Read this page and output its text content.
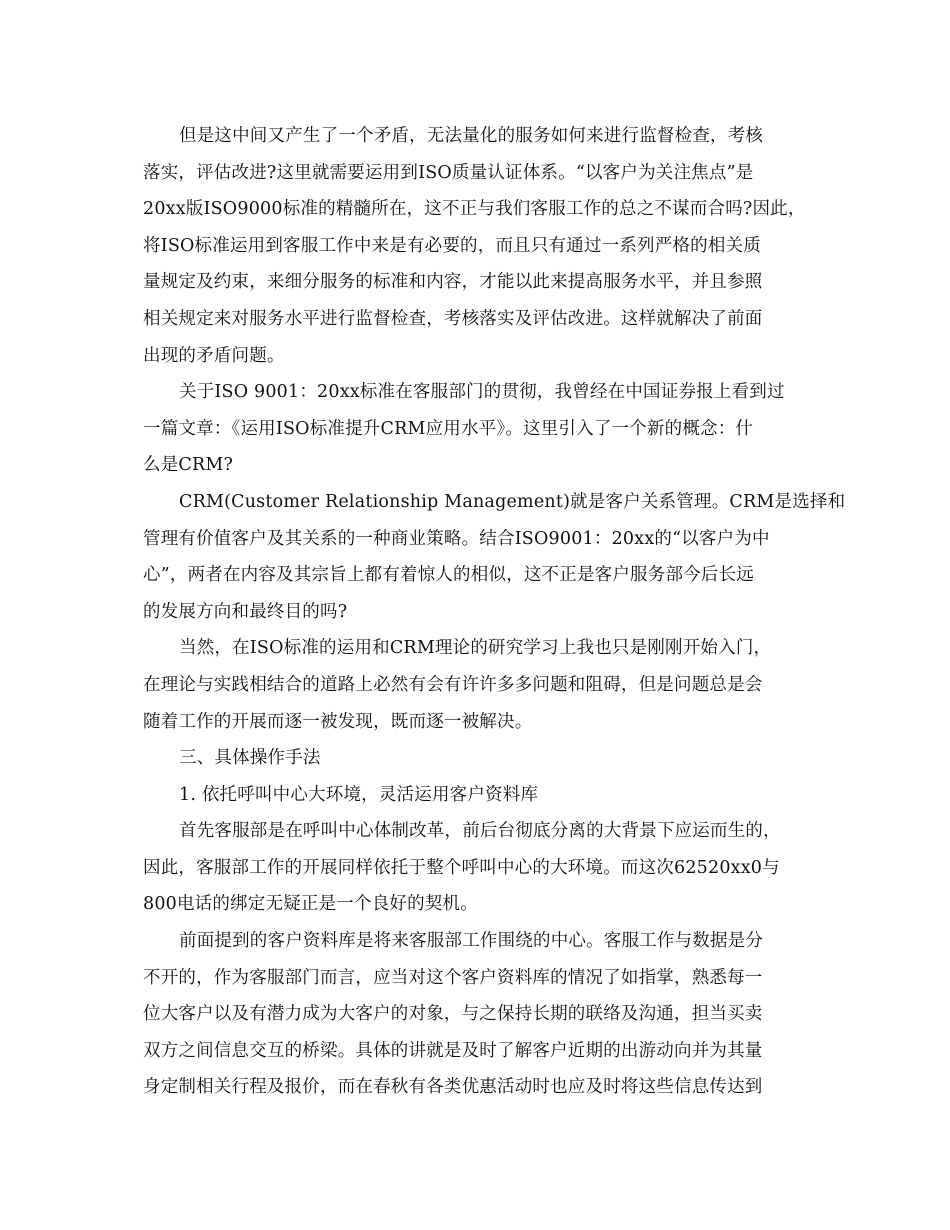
但是这中间又产生了一个矛盾，无法量化的服务如何来进行监督检查，考核
落实，评估改进?这里就需要运用到ISO质量认证体系。“以客户为关注焦点”是
20xx版ISO9000标准的精髓所在，这不正与我们客服工作的总之不谋而合吗?因此，
将ISO标准运用到客服工作中来是有必要的，而且只有通过一系列严格的相关质
量规定及约束，来细分服务的标准和内容，才能以此来提高服务水平，并且参照
相关规定来对服务水平进行监督检查，考核落实及评估改进。这样就解决了前面
出现的矛盾问题。
关于ISO 9001：20xx标准在客服部门的贯彻，我曾经在中国证券报上看到过
一篇文章：《运用ISO标准提升CRM应用水平》。这里引入了一个新的概念：什
么是CRM?
CRM(Customer Relationship Management)就是客户关系管理。CRM是选择和
管理有价值客户及其关系的一种商业策略。结合ISO9001：20xx的“以客户为中
心”，两者在内容及其宗旨上都有着惊人的相似，这不正是客户服务部今后长远
的发展方向和最终目的吗?
当然，在ISO标准的运用和CRM理论的研究学习上我也只是刚刚开始入门，
在理论与实践相结合的道路上必然有会有许许多多问题和阻碍，但是问题总是会
随着工作的开展而逐一被发现，既而逐一被解决。
三、具体操作手法
1. 依托呼叫中心大环境，灵活运用客户资料库
首先客服部是在呼叫中心体制改革，前后台彻底分离的大背景下应运而生的，
因此，客服部工作的开展同样依托于整个呼叫中心的大环境。而这次62520xx0与
800电话的绑定无疑正是一个良好的契机。
前面提到的客户资料库是将来客服部工作围绕的中心。客服工作与数据是分
不开的，作为客服部门而言，应当对这个客户资料库的情况了如指掌，熟悉每一
位大客户以及有潜力成为大客户的对象，与之保持长期的联络及沟通，担当买卖
双方之间信息交互的桥梁。具体的讲就是及时了解客户近期的出游动向并为其量
身定制相关行程及报价，而在春秋有各类优惠活动时也应及时将这些信息传达到
